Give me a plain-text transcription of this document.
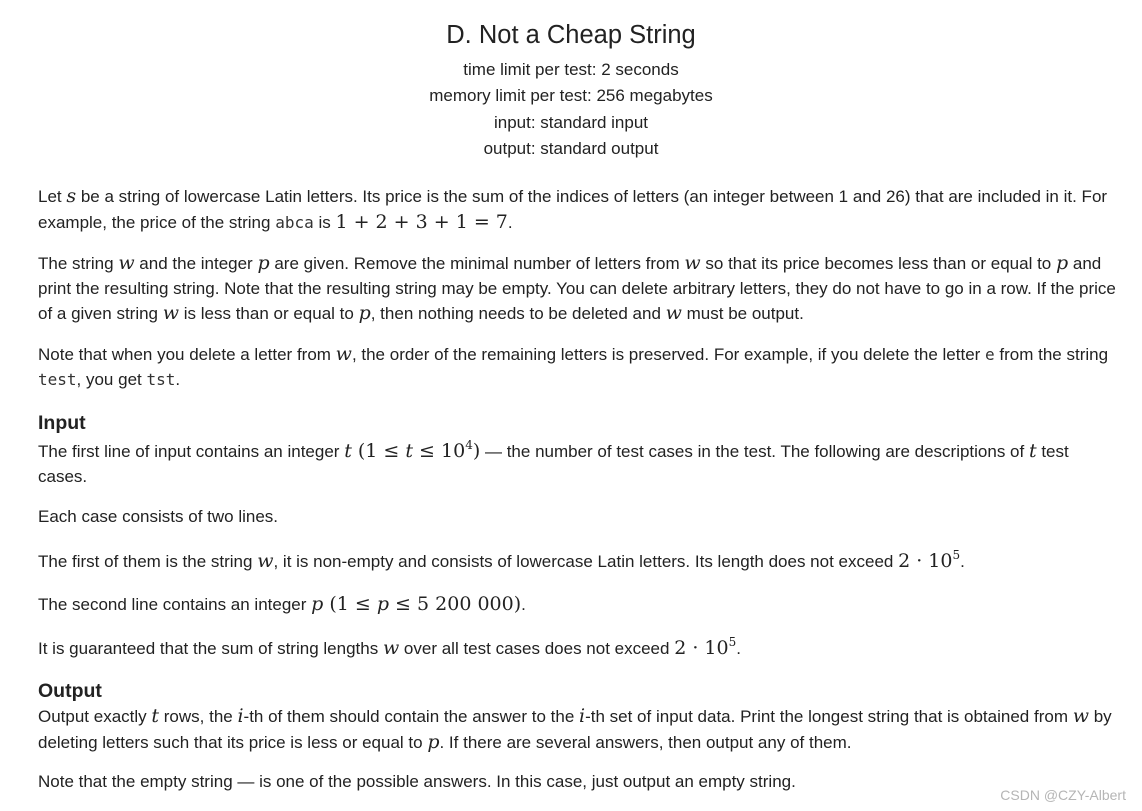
D. Not a Cheap String
time limit per test: 2 seconds
memory limit per test: 256 megabytes
input: standard input
output: standard output

Let s be a string of lowercase Latin letters. Its price is the sum of the indices of letters (an integer between 1 and 26) that are included in it. For example, the price of the string abca is 1 + 2 + 3 + 1 = 7.

The string w and the integer p are given. Remove the minimal number of letters from w so that its price becomes less than or equal to p and print the resulting string. Note that the resulting string may be empty. You can delete arbitrary letters, they do not have to go in a row. If the price of a given string w is less than or equal to p, then nothing needs to be deleted and w must be output.

Note that when you delete a letter from w, the order of the remaining letters is preserved. For example, if you delete the letter e from the string test, you get tst.

Input

The first line of input contains an integer t $(1 \le t \le 10^4)$ — the number of test cases in the test. The following are descriptions of t test cases.

Each case consists of two lines.

The first of them is the string w, it is non-empty and consists of lowercase Latin letters. Its length does not exceed $2 \cdot 10^5$.

The second line contains an integer p (1 ≤ p ≤ 5 200 000).

It is guaranteed that the sum of string lengths w over all test cases does not exceed $2 \cdot 10^5$.

Output

Output exactly t rows, the i-th of them should contain the answer to the i-th set of input data. Print the longest string that is obtained from w by deleting letters such that its price is less or equal to p. If there are several answers, then output any of them.

Note that the empty string — is one of the possible answers. In this case, just output an empty string.

CSDN @CZY-Albert
